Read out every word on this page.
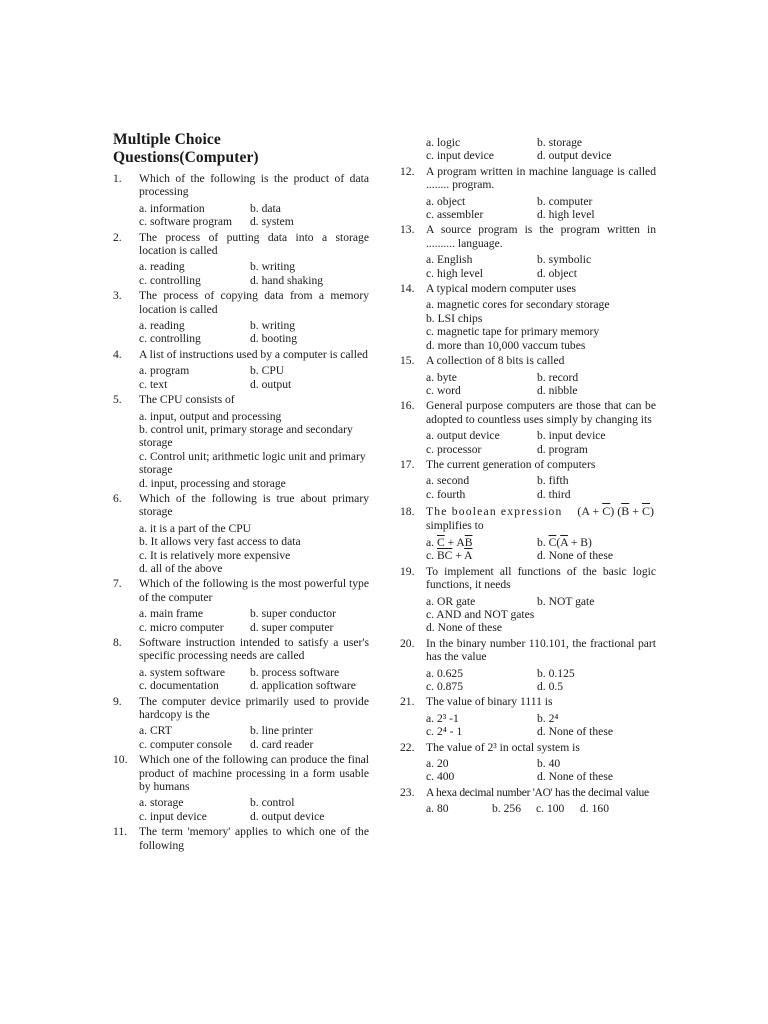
Multiple Choice Questions(Computer)
1.	Which of the following is the product of data processing
a. information	b. data
c. software program	d. system
2.	The process of putting data into a storage location is called
a. reading	b. writing
c. controlling	d. hand shaking
3.	The process of copying data from a memory location is called
a. reading	b. writing
c. controlling	d. booting
4.	A list of instructions used by a computer is called
a. program	b. CPU
c. text	d. output
5.	The CPU consists of
a. input, output and processing
b. control unit, primary storage and secondary storage
c. Control unit; arithmetic logic unit and primary storage
d. input, processing and storage
6.	Which of the following is true about primary storage
a. it is a part of the CPU
b. It allows very fast access to data
c. It is relatively more expensive
d. all of the above
7.	Which of the following is the most powerful type of the computer
a. main frame	b. super conductor
c. micro computer	d. super computer
8.	Software instruction intended to satisfy a user's specific processing needs are called
a. system software	b. process software
c. documentation	d. application software
9.	The computer device primarily used to provide hardcopy is the
a. CRT	b. line printer
c. computer console	d. card reader
10. Which one of the following can produce the final product of machine processing in a form usable by humans
a. storage	b. control
c. input device	d. output device
11.	The term 'memory' applies to which one of the following
a. logic	b. storage
c. input device	d. output device
12. A program written in machine language is called ........ program.
a. object	b. computer
c. assembler	d. high level
13. A source program is the program written in .......... language.
a. English	b. symbolic
c. high level	d. object
14. A typical modern computer uses
a. magnetic cores for secondary storage
b. LSI chips
c. magnetic tape for primary memory
d. more than 10,000 vaccum tubes
15. A collection of 8 bits is called
a. byte	b. record
c. word	d. nibble
16. General purpose computers are those that can be adopted to countless uses simply by changing its
a. output device	b. input device
c. processor	d. program
17. The current generation of computers
a. second	b. fifth
c. fourth	d. third
18. The boolean expression $(A + \overline{C})$ $(\overline{B} + \overline{C})$
simplifies to
a. $\overline{C} + A\overline{B}$	b. $\overline{C}(\overline{A} + B)$
c. $\overline{BC} + \overline{A}$	d. None of these
19. To implement all functions of the basic logic functions, it needs
a. OR gate	b. NOT gate
c. AND and NOT gates
d. None of these
20. In the binary number 110.101, the fractional part has the value
a. 0.625	b. 0.125
c. 0.875	d. 0.5
21. The value of binary 1111 is
a. 2³ -1	b. 2⁴
c. 2⁴ - 1	d. None of these
22. The value of 2³ in octal system is
a. 20	b. 40
c. 400	d. None of these
23. A hexa decimal number 'AO' has the decimal value
a. 80	b. 256	c. 100	d. 160
